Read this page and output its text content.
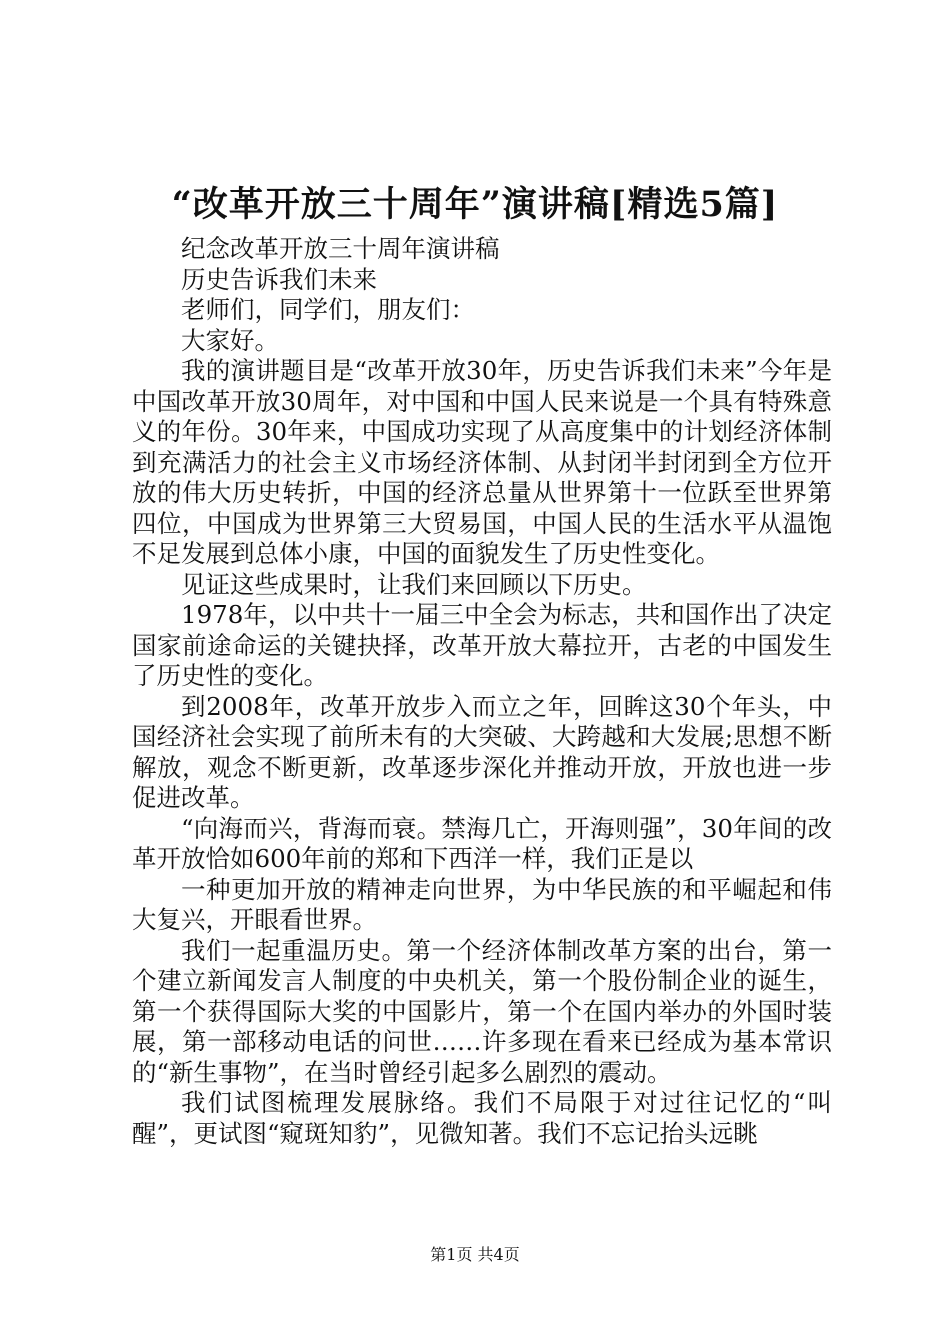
“改革开放三十周年”演讲稿[精选5篇]

纪念改革开放三十周年演讲稿

历史告诉我们未来

老师们，同学们，朋友们：

大家好。

我的演讲题目是“改革开放30年，历史告诉我们未来”今年是中国改革开放30周年，对中国和中国人民来说是一个具有特殊意义的年份。30年来，中国成功实现了从高度集中的计划经济体制到充满活力的社会主义市场经济体制、从封闭半封闭到全方位开放的伟大历史转折，中国的经济总量从世界第十一位跃至世界第四位，中国成为世界第三大贸易国，中国人民的生活水平从温饱不足发展到总体小康，中国的面貌发生了历史性变化。

见证这些成果时，让我们来回顾以下历史。

1978年，以中共十一届三中全会为标志，共和国作出了决定国家前途命运的关键抉择，改革开放大幕拉开，古老的中国发生了历史性的变化。

到2008年，改革开放步入而立之年，回眸这30个年头，中国经济社会实现了前所未有的大突破、大跨越和大发展;思想不断解放，观念不断更新，改革逐步深化并推动开放，开放也进一步促进改革。

“向海而兴，背海而衰。禁海几亡，开海则强”，30年间的改革开放恰如600年前的郑和下西洋一样，我们正是以

一种更加开放的精神走向世界，为中华民族的和平崛起和伟大复兴，开眼看世界。

我们一起重温历史。第一个经济体制改革方案的出台，第一个建立新闻发言人制度的中央机关，第一个股份制企业的诞生，第一个获得国际大奖的中国影片，第一个在国内举办的外国时装展，第一部移动电话的问世……许多现在看来已经成为基本常识的“新生事物”，在当时曾经引起多么剧烈的震动。

我们试图梳理发展脉络。我们不局限于对过往记忆的“叫醒”，更试图“窥斑知豹”，见微知著。我们不忘记抬头远眺

第1页 共4页
